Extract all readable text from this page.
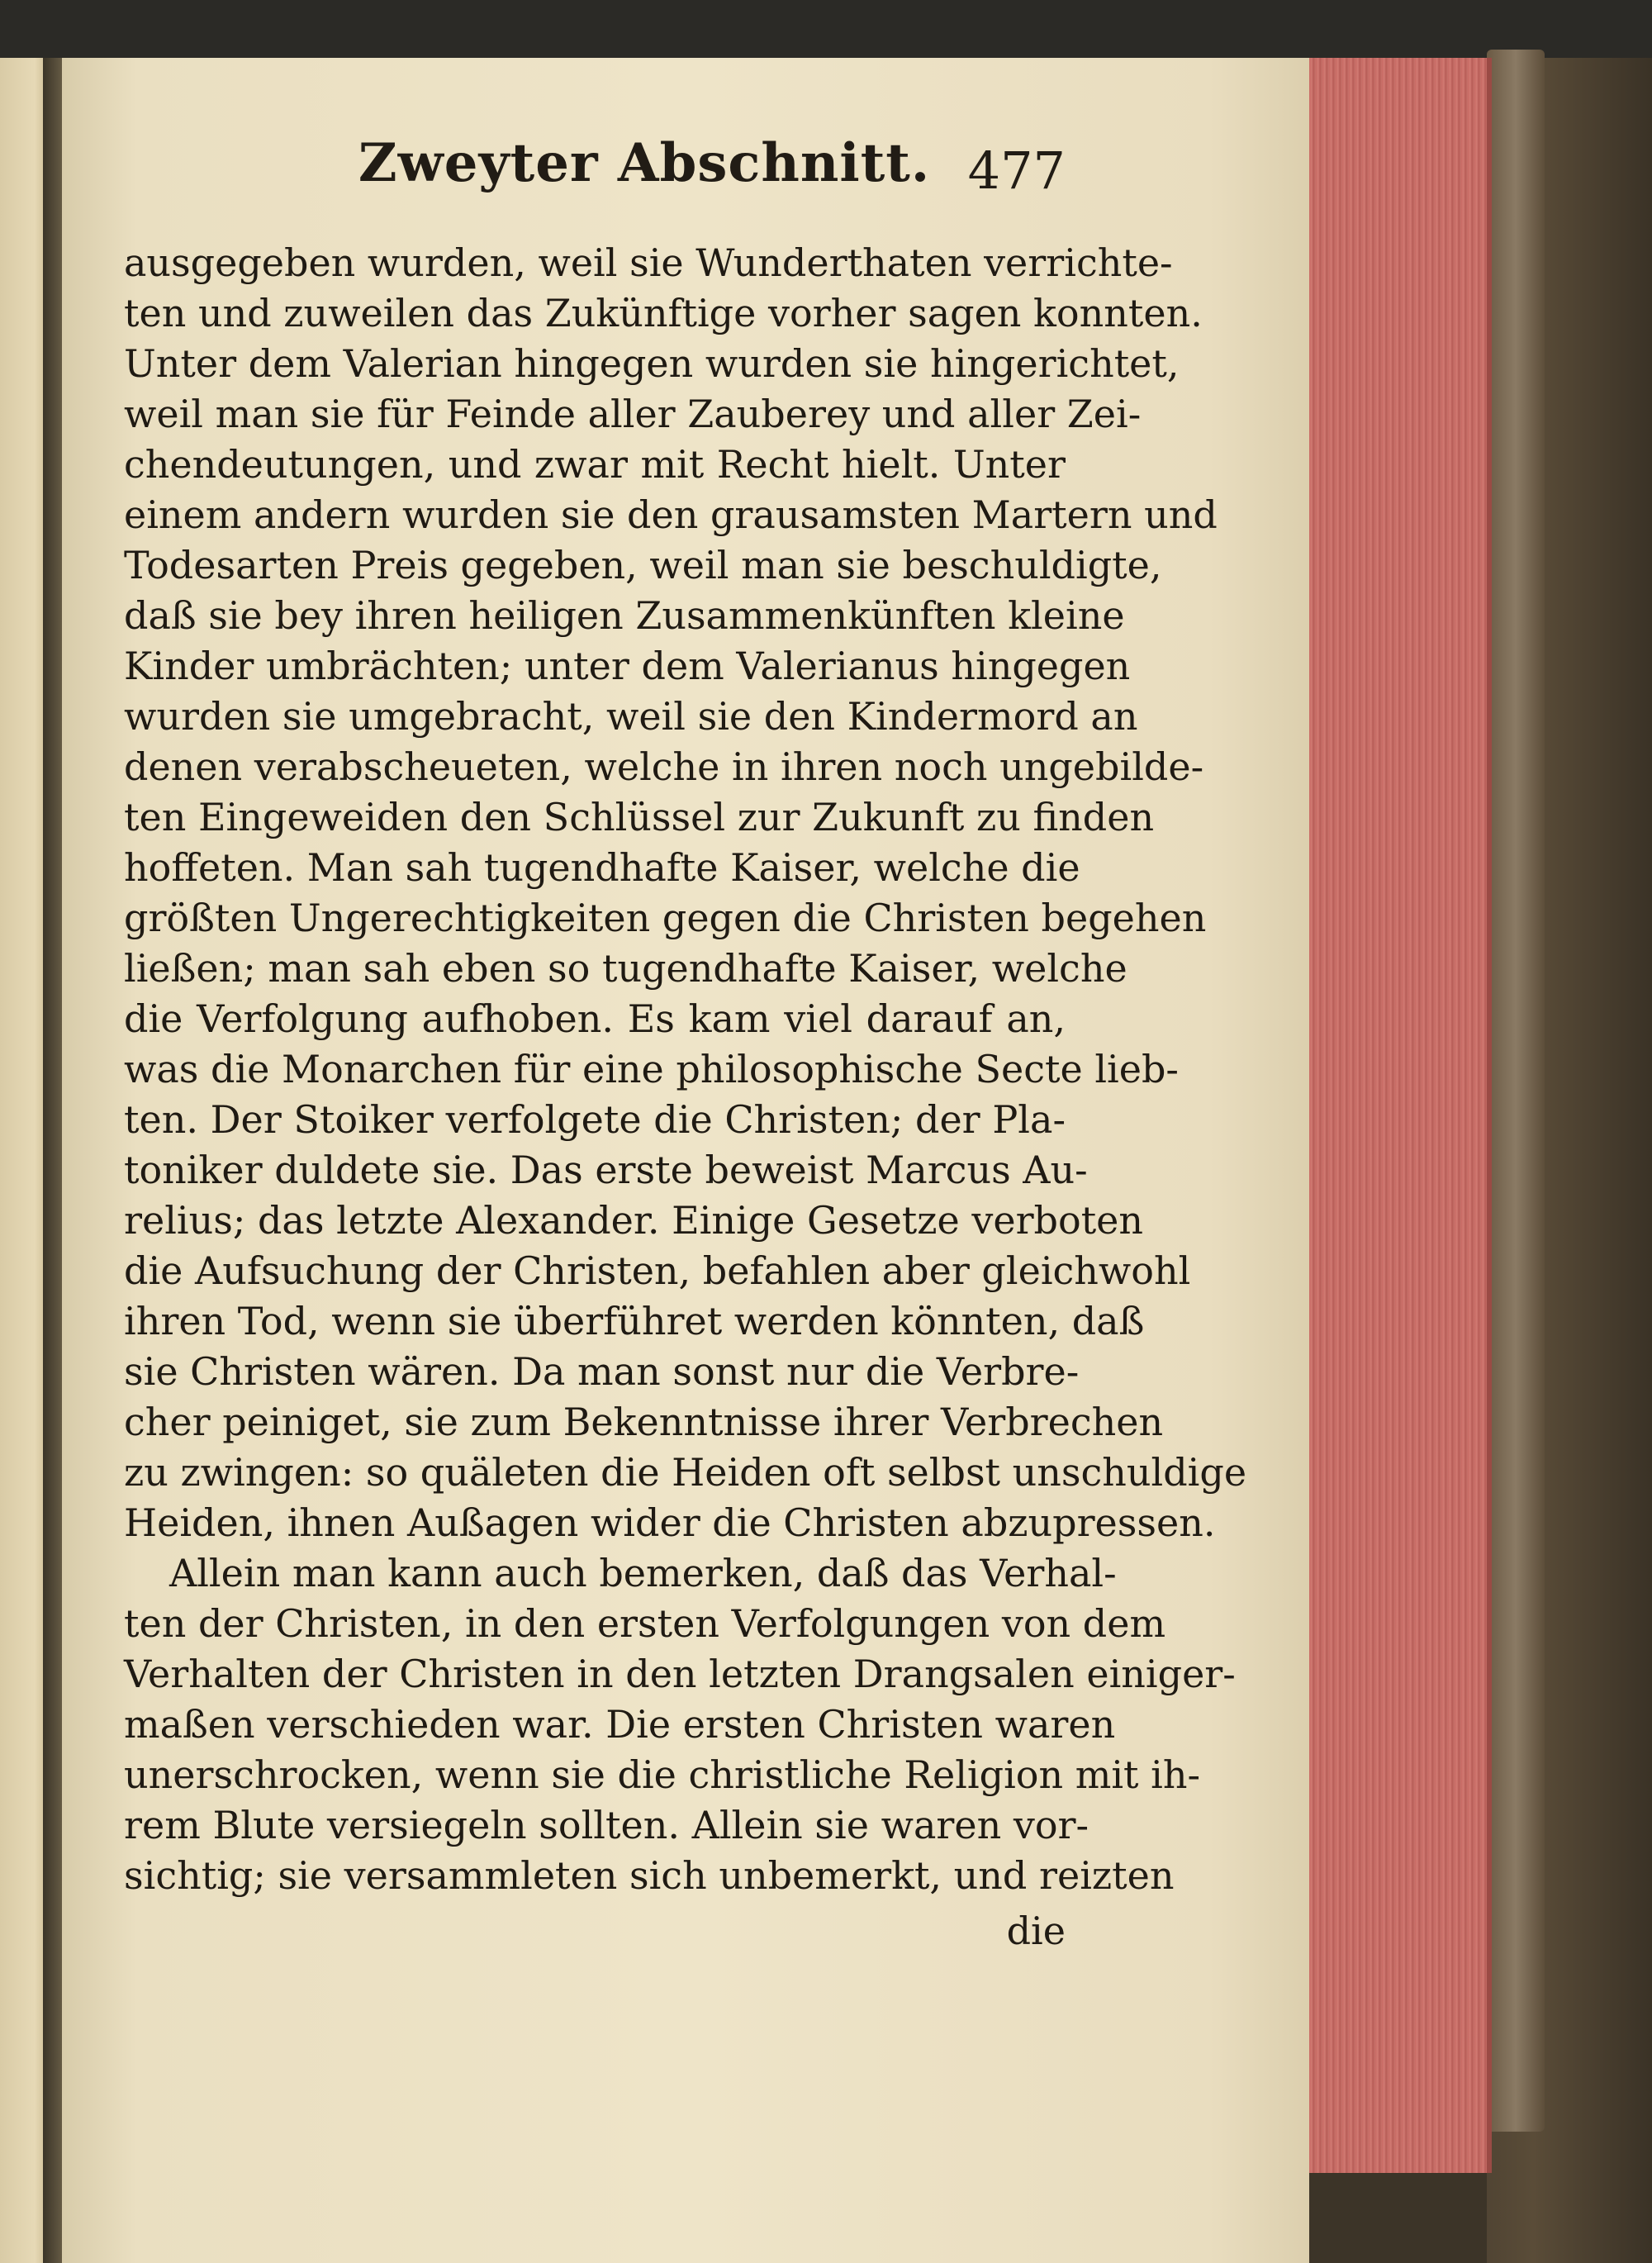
Zweyter Abschnitt. 477
ausgegeben wurden, weil sie Wunderthaten verrichte-
ten und zuweilen das Zukünftige vorher sagen konnten.
Unter dem Valerian hingegen wurden sie hingerichtet,
weil man sie für Feinde aller Zauberey und aller Zei-
chendeutungen, und zwar mit Recht hielt. Unter
einem andern wurden sie den grausamsten Martern und
Todesarten Preis gegeben, weil man sie beschuldigte,
daß sie bey ihren heiligen Zusammenkünften kleine
Kinder umbrächten; unter dem Valerianus hingegen
wurden sie umgebracht, weil sie den Kindermord an
denen verabscheueten, welche in ihren noch ungebilde-
ten Eingeweiden den Schlüssel zur Zukunft zu finden
hoffeten. Man sah tugendhafte Kaiser, welche die
größten Ungerechtigkeiten gegen die Christen begehen
ließen; man sah eben so tugendhafte Kaiser, welche
die Verfolgung aufhoben. Es kam viel darauf an,
was die Monarchen für eine philosophische Secte lieb-
ten. Der Stoiker verfolgete die Christen; der Pla-
toniker duldete sie. Das erste beweist Marcus Au-
relius; das letzte Alexander. Einige Gesetze verboten
die Aufsuchung der Christen, befahlen aber gleichwohl
ihren Tod, wenn sie überführet werden könnten, daß
sie Christen wären. Da man sonst nur die Verbre-
cher peiniget, sie zum Bekenntnisse ihrer Verbrechen
zu zwingen: so quäleten die Heiden oft selbst unschuldige
Heiden, ihnen Außagen wider die Christen abzupressen.
Allein man kann auch bemerken, daß das Verhal-
ten der Christen, in den ersten Verfolgungen von dem
Verhalten der Christen in den letzten Drangsalen einiger-
maßen verschieden war. Die ersten Christen waren
unerschrocken, wenn sie die christliche Religion mit ih-
rem Blute versiegeln sollten. Allein sie waren vor-
sichtig; sie versammleten sich unbemerkt, und reizten
die
